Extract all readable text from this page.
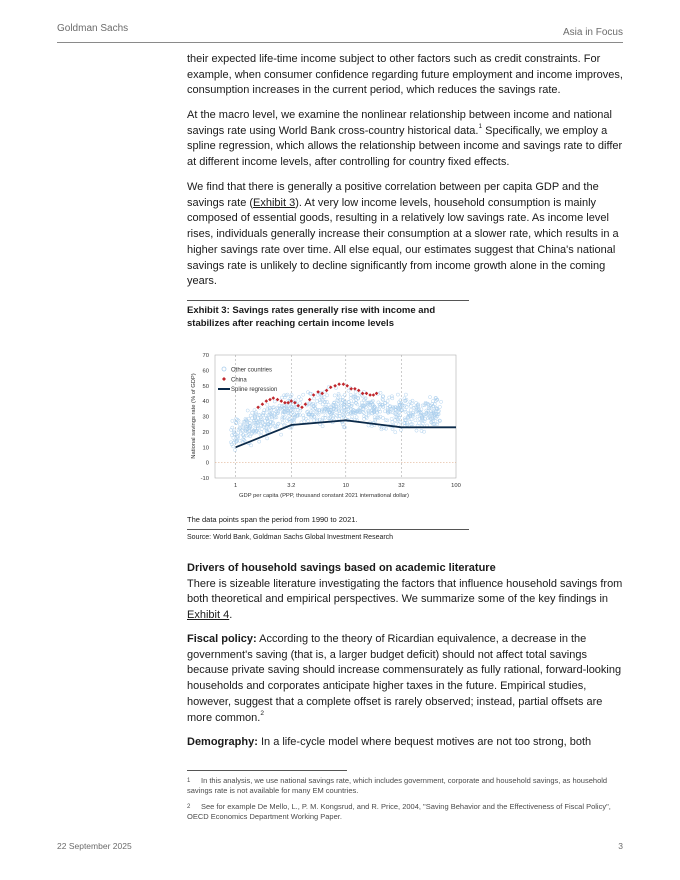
Goldman Sachs	Asia in Focus

their expected life-time income subject to other factors such as credit constraints. For example, when consumer confidence regarding future employment and income improves, consumption increases in the current period, which reduces the savings rate.

At the macro level, we examine the nonlinear relationship between income and national savings rate using World Bank cross-country historical data.$^1$ Specifically, we employ a spline regression, which allows the relationship between income and savings rate to differ at different income levels, after controlling for country fixed effects.

We find that there is generally a positive correlation between per capita GDP and the savings rate (Exhibit 3). At very low income levels, household consumption is mainly composed of essential goods, resulting in a relatively low savings rate. As income level rises, individuals generally increase their consumption at a slower rate, which results in a higher savings rate over time. All else equal, our estimates suggest that China's national savings rate is unlikely to decline significantly from income growth alone in the coming years.

Exhibit 3: Savings rates generally rise with income and stabilizes after reaching certain income levels
-10
0
10
20
30
40
50
60
70
1	3.2	10	32	100
Other countries
China
Spline regression
National savings rate (% of GDP)
GDP per capita (PPP, thousand constant 2021 international dollar)
The data points span the period from 1990 to 2021.
Source: World Bank, Goldman Sachs Global Investment Research

Drivers of household savings based on academic literature

There is sizeable literature investigating the factors that influence household savings from both theoretical and empirical perspectives. We summarize some of the key findings in Exhibit 4.

Fiscal policy: According to the theory of Ricardian equivalence, a decrease in the government's saving (that is, a larger budget deficit) should not affect total savings because private saving should increase commensurately as fully rational, forward-looking households and corporates anticipate higher taxes in the future. Empirical studies, however, suggest that a complete offset is rarely observed; instead, partial offsets are more common.$^2$

Demography: In a life-cycle model where bequest motives are not too strong, both

1 In this analysis, we use national savings rate, which includes government, corporate and household savings, as household savings rate is not available for many EM countries.

2 See for example De Mello, L., P. M. Kongsrud, and R. Price, 2004, "Saving Behavior and the Effectiveness of Fiscal Policy", OECD Economics Department Working Paper.

22 September 2025	3
